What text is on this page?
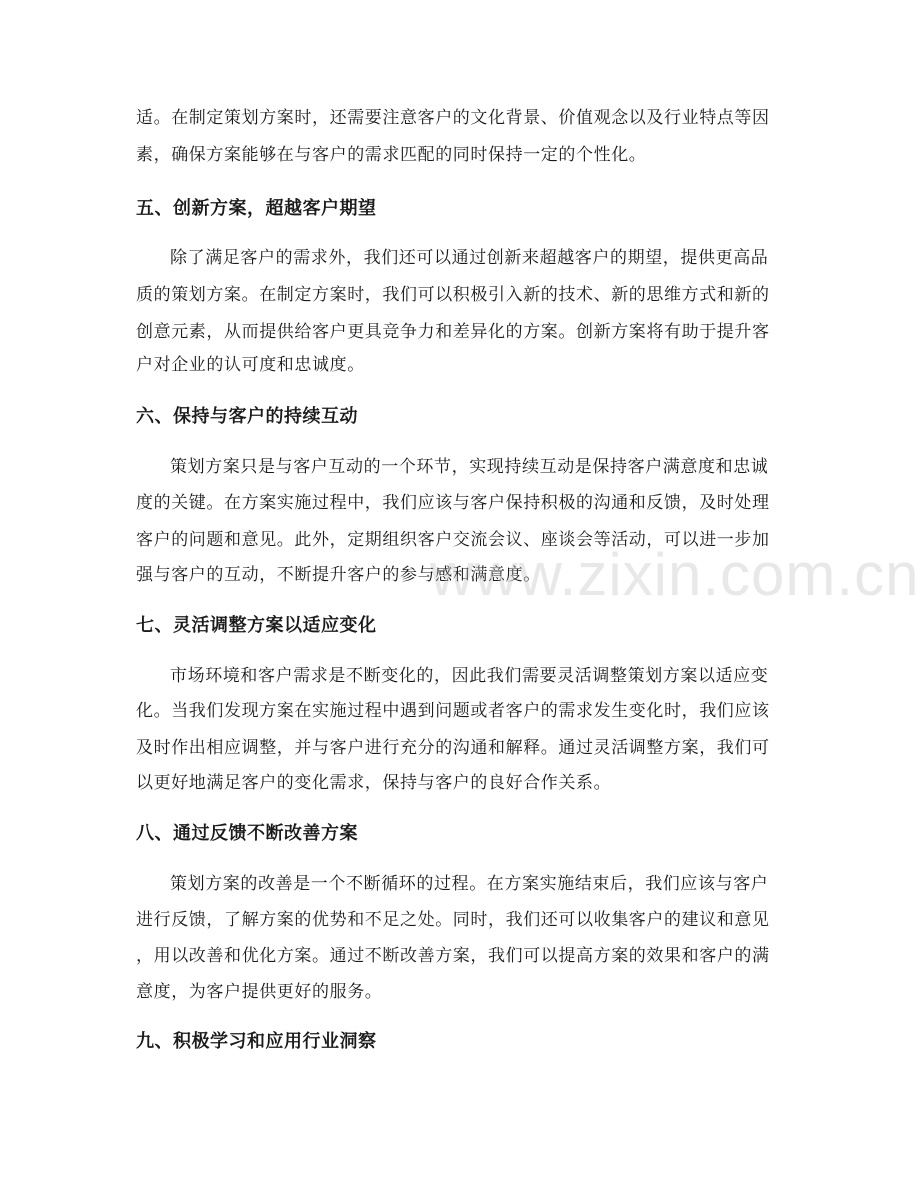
适。在制定策划方案时，还需要注意客户的文化背景、价值观念以及行业特点等因
素，确保方案能够在与客户的需求匹配的同时保持一定的个性化。
五、创新方案，超越客户期望
除了满足客户的需求外，我们还可以通过创新来超越客户的期望，提供更高品
质的策划方案。在制定方案时，我们可以积极引入新的技术、新的思维方式和新的
创意元素，从而提供给客户更具竞争力和差异化的方案。创新方案将有助于提升客
户对企业的认可度和忠诚度。
六、保持与客户的持续互动
策划方案只是与客户互动的一个环节，实现持续互动是保持客户满意度和忠诚
度的关键。在方案实施过程中，我们应该与客户保持积极的沟通和反馈，及时处理
客户的问题和意见。此外，定期组织客户交流会议、座谈会等活动，可以进一步加
强与客户的互动，不断提升客户的参与感和满意度。
七、灵活调整方案以适应变化
市场环境和客户需求是不断变化的，因此我们需要灵活调整策划方案以适应变
化。当我们发现方案在实施过程中遇到问题或者客户的需求发生变化时，我们应该
及时作出相应调整，并与客户进行充分的沟通和解释。通过灵活调整方案，我们可
以更好地满足客户的变化需求，保持与客户的良好合作关系。
八、通过反馈不断改善方案
策划方案的改善是一个不断循环的过程。在方案实施结束后，我们应该与客户
进行反馈，了解方案的优势和不足之处。同时，我们还可以收集客户的建议和意见
，用以改善和优化方案。通过不断改善方案，我们可以提高方案的效果和客户的满
意度，为客户提供更好的服务。
九、积极学习和应用行业洞察
www.zixin.com.cn
